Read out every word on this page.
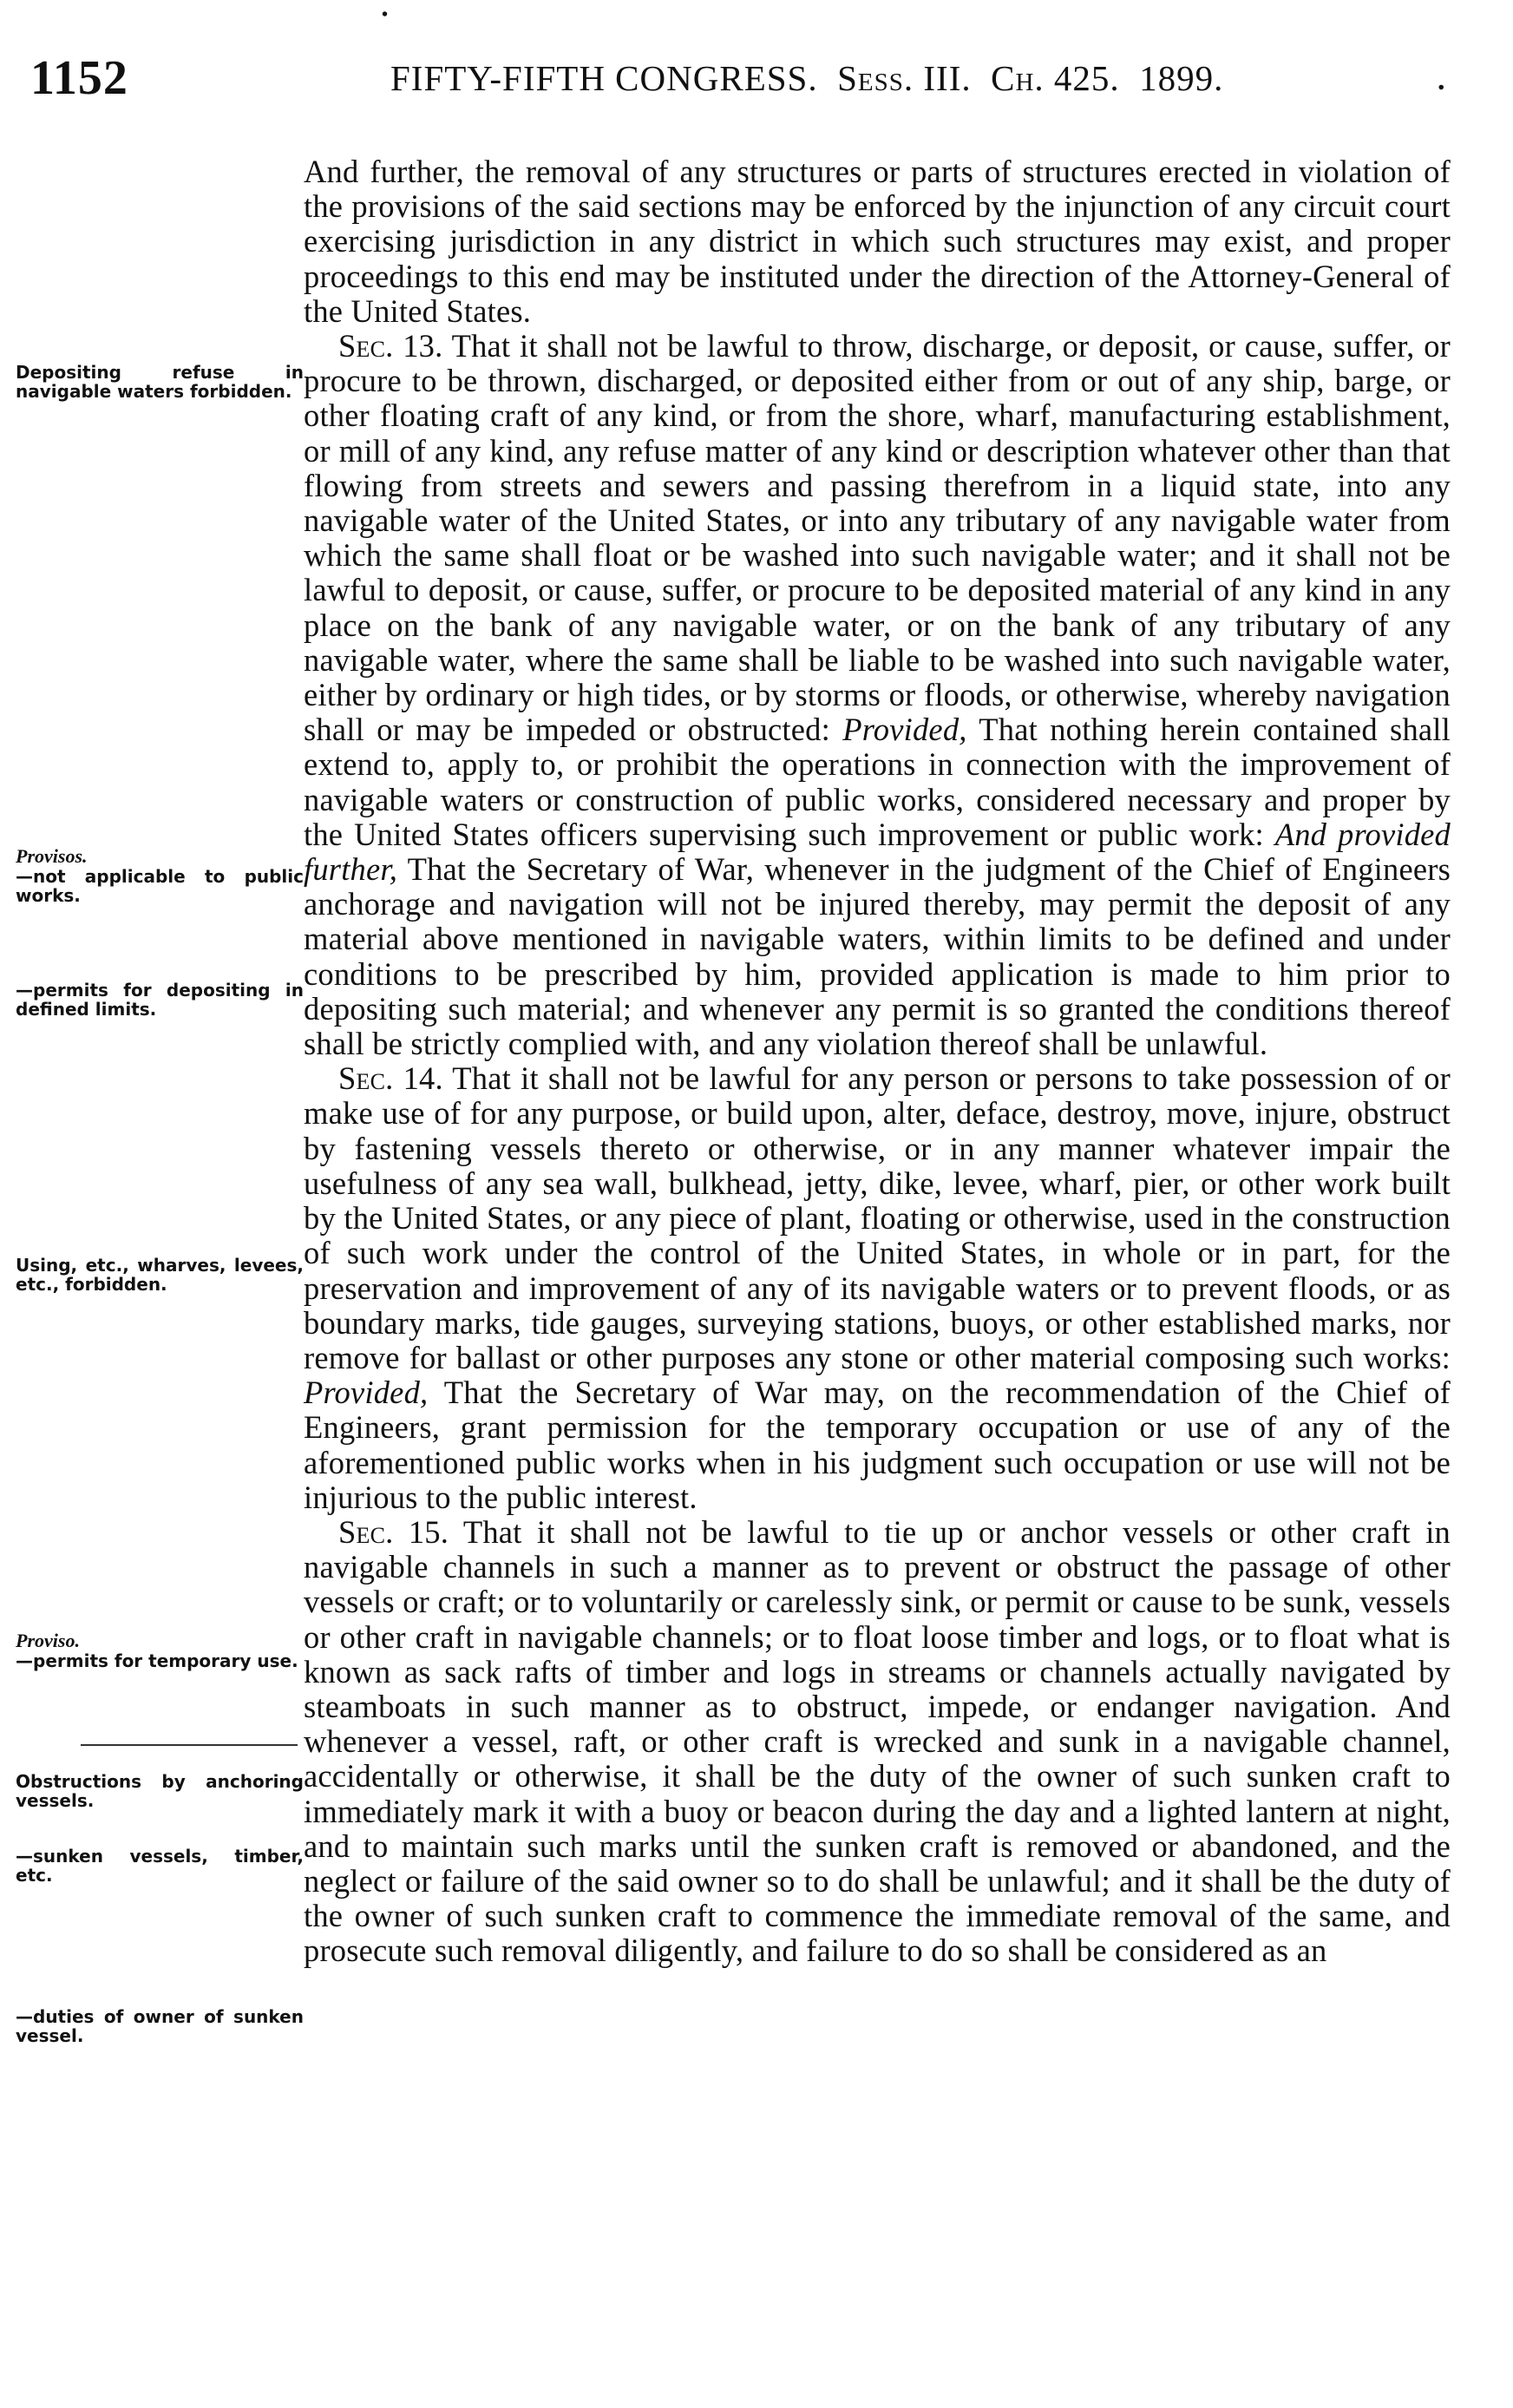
•
1152	FIFTY-FIFTH CONGRESS. Sess. III. Ch. 425. 1899.	.
Depositing refuse in navigable waters forbidden.
Provisos.
—not applicable to public works.
—permits for depositing in defined limits.
Using, etc., wharves, levees, etc., forbidden.
Proviso.
—permits for temporary use.
Obstructions by anchoring vessels.
—sunken vessels, timber, etc.
—duties of owner of sunken vessel.

And further, the removal of any structures or parts of structures erected in violation of the provisions of the said sections may be enforced by the injunction of any circuit court exercising jurisdiction in any district in which such structures may exist, and proper proceedings to this end may be instituted under the direction of the Attorney-General of the United States.

Sec. 13. That it shall not be lawful to throw, discharge, or deposit, or cause, suffer, or procure to be thrown, discharged, or deposited either from or out of any ship, barge, or other floating craft of any kind, or from the shore, wharf, manufacturing establishment, or mill of any kind, any refuse matter of any kind or description whatever other than that flowing from streets and sewers and passing therefrom in a liquid state, into any navigable water of the United States, or into any tributary of any navigable water from which the same shall float or be washed into such navigable water; and it shall not be lawful to deposit, or cause, suffer, or procure to be deposited material of any kind in any place on the bank of any navigable water, or on the bank of any tributary of any navigable water, where the same shall be liable to be washed into such navigable water, either by ordinary or high tides, or by storms or floods, or otherwise, whereby navigation shall or may be impeded or obstructed: Provided, That nothing herein contained shall extend to, apply to, or prohibit the operations in connection with the improvement of navigable waters or construction of public works, considered necessary and proper by the United States officers supervising such improvement or public work: And provided further, That the Secretary of War, whenever in the judgment of the Chief of Engineers anchorage and navigation will not be injured thereby, may permit the deposit of any material above mentioned in navigable waters, within limits to be defined and under conditions to be prescribed by him, provided application is made to him prior to depositing such material; and whenever any permit is so granted the conditions thereof shall be strictly complied with, and any violation thereof shall be unlawful.

Sec. 14. That it shall not be lawful for any person or persons to take possession of or make use of for any purpose, or build upon, alter, deface, destroy, move, injure, obstruct by fastening vessels thereto or otherwise, or in any manner whatever impair the usefulness of any sea wall, bulkhead, jetty, dike, levee, wharf, pier, or other work built by the United States, or any piece of plant, floating or otherwise, used in the construction of such work under the control of the United States, in whole or in part, for the preservation and improvement of any of its navigable waters or to prevent floods, or as boundary marks, tide gauges, surveying stations, buoys, or other established marks, nor remove for ballast or other purposes any stone or other material composing such works: Provided, That the Secretary of War may, on the recommendation of the Chief of Engineers, grant permission for the temporary occupation or use of any of the aforementioned public works when in his judgment such occupation or use will not be injurious to the public interest.

Sec. 15. That it shall not be lawful to tie up or anchor vessels or other craft in navigable channels in such a manner as to prevent or obstruct the passage of other vessels or craft; or to voluntarily or carelessly sink, or permit or cause to be sunk, vessels or other craft in navigable channels; or to float loose timber and logs, or to float what is known as sack rafts of timber and logs in streams or channels actually navigated by steamboats in such manner as to obstruct, impede, or endanger navigation. And whenever a vessel, raft, or other craft is wrecked and sunk in a navigable channel, accidentally or otherwise, it shall be the duty of the owner of such sunken craft to immediately mark it with a buoy or beacon during the day and a lighted lantern at night, and to maintain such marks until the sunken craft is removed or abandoned, and the neglect or failure of the said owner so to do shall be unlawful; and it shall be the duty of the owner of such sunken craft to commence the immediate removal of the same, and prosecute such removal diligently, and failure to do so shall be considered as an
